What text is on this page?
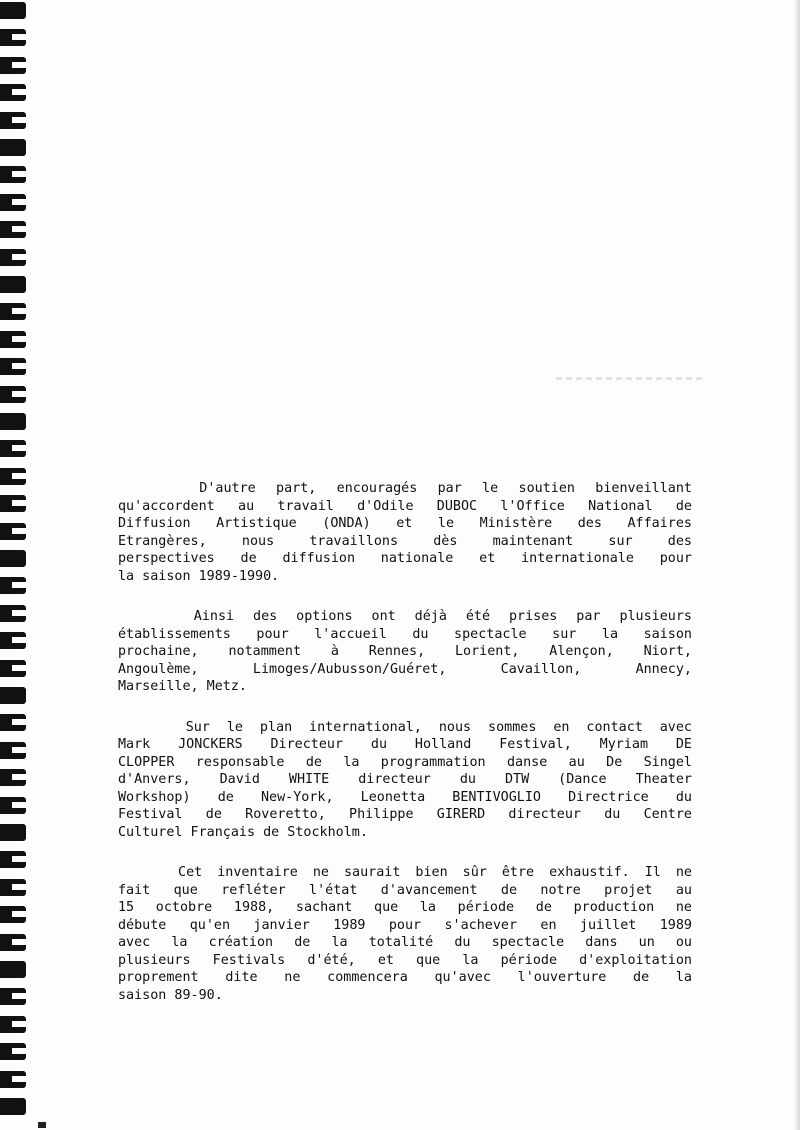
D'autre part, encouragés par le soutien bienveillant
qu'accordent au travail d'Odile DUBOC l'Office National de
Diffusion Artistique (ONDA) et le Ministère des Affaires
Etrangères, nous travaillons dès maintenant sur des
perspectives de diffusion nationale et internationale pour
la saison 1989-1990.
Ainsi des options ont déjà été prises par plusieurs
établissements pour l'accueil du spectacle sur la saison
prochaine, notamment à Rennes, Lorient, Alençon, Niort,
Angoulème, Limoges/Aubusson/Guéret, Cavaillon, Annecy,
Marseille, Metz.
Sur le plan international, nous sommes en contact avec
Mark JONCKERS Directeur du Holland Festival, Myriam DE
CLOPPER responsable de la programmation danse au De Singel
d'Anvers, David WHITE directeur du DTW (Dance Theater
Workshop) de New-York, Leonetta BENTIVOGLIO Directrice du
Festival de Roveretto, Philippe GIRERD directeur du Centre
Culturel Français de Stockholm.
Cet inventaire ne saurait bien sûr être exhaustif. Il ne
fait que refléter l'état d'avancement de notre projet au
15 octobre 1988, sachant que la période de production ne
débute qu'en janvier 1989 pour s'achever en juillet 1989
avec la création de la totalité du spectacle dans un ou
plusieurs Festivals d'été, et que la période d'exploitation
proprement dite ne commencera qu'avec l'ouverture de la
saison 89-90.
